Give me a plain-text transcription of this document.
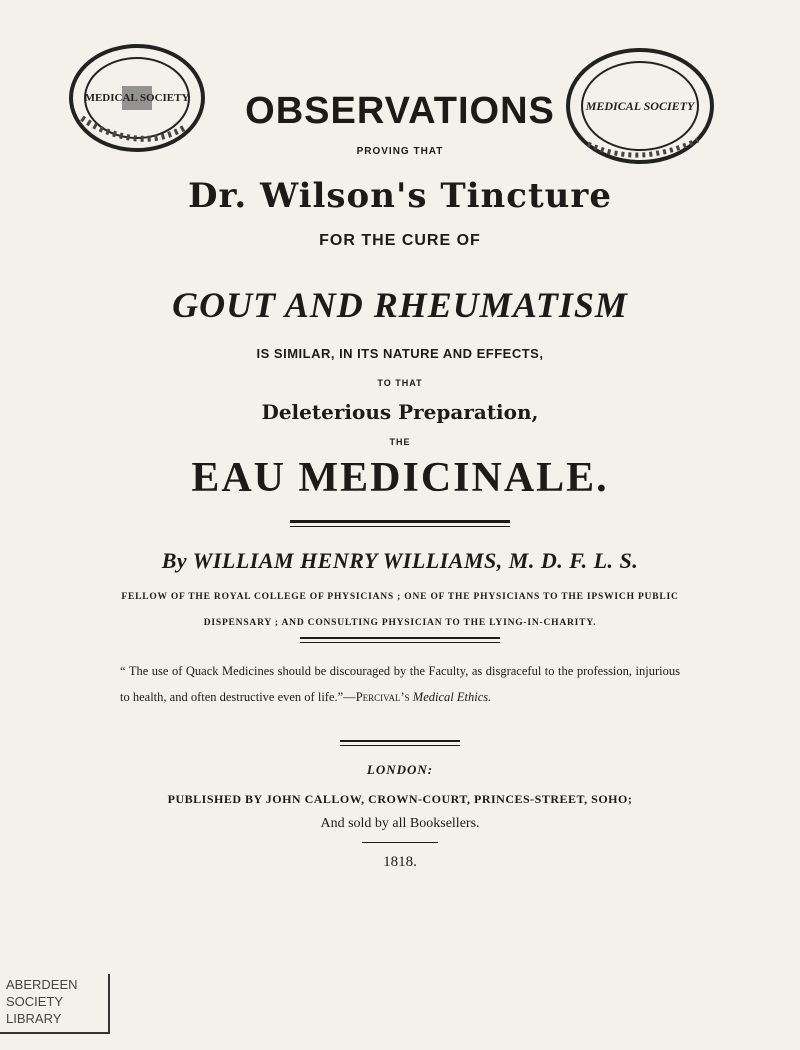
MEDICAL SOCIETY
MEDICAL SOCIETY
OBSERVATIONS
PROVING THAT
Dr. Wilson's Tincture
FOR THE CURE OF
GOUT AND RHEUMATISM
IS SIMILAR, IN ITS NATURE AND EFFECTS,
TO THAT
Deleterious Preparation,
THE
EAU MEDICINALE.
By WILLIAM HENRY WILLIAMS, M. D. F. L. S.
FELLOW OF THE ROYAL COLLEGE OF PHYSICIANS ; ONE OF THE PHYSICIANS TO THE IPSWICH PUBLIC DISPENSARY ; AND CONSULTING PHYSICIAN TO THE LYING-IN-CHARITY.
“ The use of Quack Medicines should be discouraged by the Faculty, as disgraceful to the profession, injurious to health, and often destructive even of life.”—Percival’s Medical Ethics.
LONDON:
PUBLISHED BY JOHN CALLOW, CROWN-COURT, PRINCES-STREET, SOHO;
And sold by all Booksellers.
1818.
ABERDEEN
SOCIETY
LIBRARY
